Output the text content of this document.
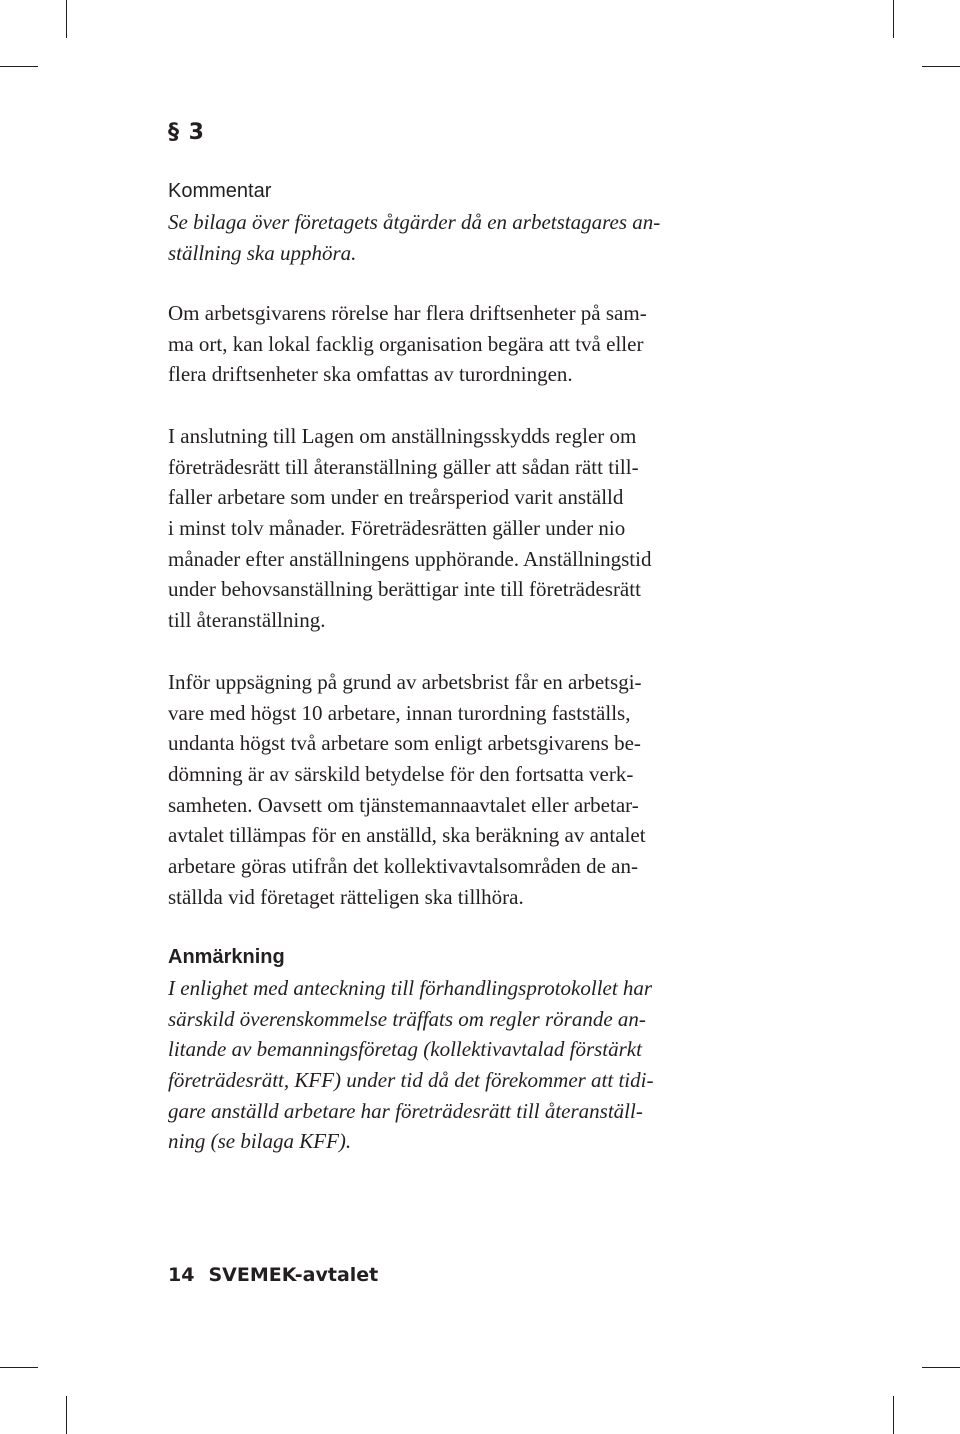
§ 3
Kommentar
Se bilaga över företagets åtgärder då en arbetstagares an-
ställning ska upphöra.
Om arbetsgivarens rörelse har flera driftsenheter på sam-
ma ort, kan lokal facklig organisation begära att två eller
flera driftsenheter ska omfattas av turordningen.
I anslutning till Lagen om anställningsskydds regler om
företrädesrätt till återanställning gäller att sådan rätt till-
faller arbetare som under en treårsperiod varit anställd
i minst tolv månader. Företrädesrätten gäller under nio
månader efter anställningens upphörande. Anställningstid
under behovsanställning berättigar inte till företrädesrätt
till återanställning.
Inför uppsägning på grund av arbetsbrist får en arbetsgi-
vare med högst 10 arbetare, innan turordning fastställs,
undanta högst två arbetare som enligt arbetsgivarens be-
dömning är av särskild betydelse för den fortsatta verk-
samheten. Oavsett om tjänstemannaavtalet eller arbetar-
avtalet tillämpas för en anställd, ska beräkning av antalet
arbetare göras utifrån det kollektivavtalsområden de an-
ställda vid företaget rätteligen ska tillhöra.
Anmärkning
I enlighet med anteckning till förhandlingsprotokollet har
särskild överenskommelse träffats om regler rörande an-
litande av bemanningsföretag (kollektivavtalad förstärkt
företrädesrätt, KFF) under tid då det förekommer att tidi-
gare anställd arbetare har företrädesrätt till återanställ-
ning (se bilaga KFF).
14 SVEMEK-avtalet
